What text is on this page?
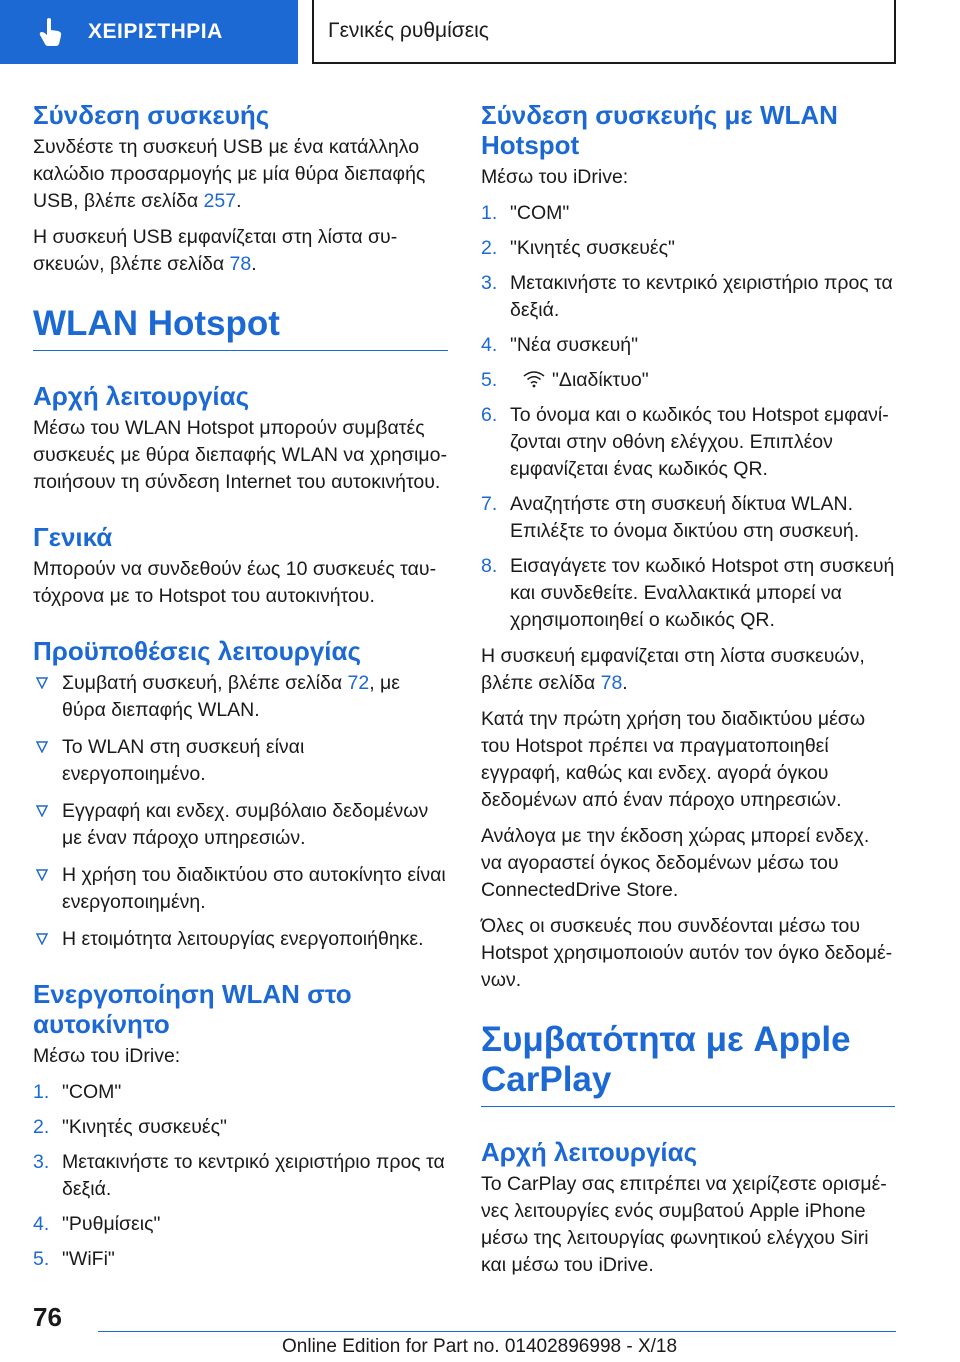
ΧΕΙΡΙΣΤΗΡΙΑ	Γενικές ρυθμίσεις
Σύνδεση συσκευής

Συνδέστε τη συσκευή USB με ένα κατάλληλο καλώδιο προσαρμογής με μία θύρα διεπαφής USB, βλέπε σελίδα 257.

Η συσκευή USB εμφανίζεται στη λίστα συσκευών, βλέπε σελίδα 78.

WLAN Hotspot
Αρχή λειτουργίας

Μέσω του WLAN Hotspot μπορούν συμβατές συσκευές με θύρα διεπαφής WLAN να χρησιμοποιήσουν τη σύνδεση Internet του αυτοκινήτου.

Γενικά

Μπορούν να συνδεθούν έως 10 συσκευές ταυτόχρονα με το Hotspot του αυτοκινήτου.

Προϋποθέσεις λειτουργίας
Συμβατή συσκευή, βλέπε σελίδα 72, με θύρα διεπαφής WLAN.
Το WLAN στη συσκευή είναι ενεργοποιημένο.
Εγγραφή και ενδεχ. συμβόλαιο δεδομένων με έναν πάροχο υπηρεσιών.
Η χρήση του διαδικτύου στο αυτοκίνητο είναι ενεργοποιημένη.
Η ετοιμότητα λειτουργίας ενεργοποιήθηκε.
Ενεργοποίηση WLAN στο αυτοκίνητο

Μέσω του iDrive:

1. "COM"
2. "Κινητές συσκευές"
3. Μετακινήστε το κεντρικό χειριστήριο προς τα δεξιά.
4. "Ρυθμίσεις"
5. "WiFi"
Σύνδεση συσκευής με WLAN Hotspot

Μέσω του iDrive:

1. "COM"
2. "Κινητές συσκευές"
3. Μετακινήστε το κεντρικό χειριστήριο προς τα δεξιά.
4. "Νέα συσκευή"
5.	"Διαδίκτυο"
6. Το όνομα και ο κωδικός του Hotspot εμφανίζονται στην οθόνη ελέγχου. Επιπλέον εμφανίζεται ένας κωδικός QR.
7. Αναζητήστε στη συσκευή δίκτυα WLAN. Επιλέξτε το όνομα δικτύου στη συσκευή.
8. Εισαγάγετε τον κωδικό Hotspot στη συσκευή και συνδεθείτε. Εναλλακτικά μπορεί να χρησιμοποιηθεί ο κωδικός QR.

Η συσκευή εμφανίζεται στη λίστα συσκευών, βλέπε σελίδα 78.

Κατά την πρώτη χρήση του διαδικτύου μέσω του Hotspot πρέπει να πραγματοποιηθεί εγγραφή, καθώς και ενδεχ. αγορά όγκου δεδομένων από έναν πάροχο υπηρεσιών.

Ανάλογα με την έκδοση χώρας μπορεί ενδεχ. να αγοραστεί όγκος δεδομένων μέσω του ConnectedDrive Store.

Όλες οι συσκευές που συνδέονται μέσω του Hotspot χρησιμοποιούν αυτόν τον όγκο δεδομένων.

Συμβατότητα με Apple CarPlay
Αρχή λειτουργίας

Το CarPlay σας επιτρέπει να χειρίζεστε ορισμένες λειτουργίες ενός συμβατού Apple iPhone μέσω της λειτουργίας φωνητικού ελέγχου Siri και μέσω του iDrive.

76
Online Edition for Part no. 01402896998 - X/18
